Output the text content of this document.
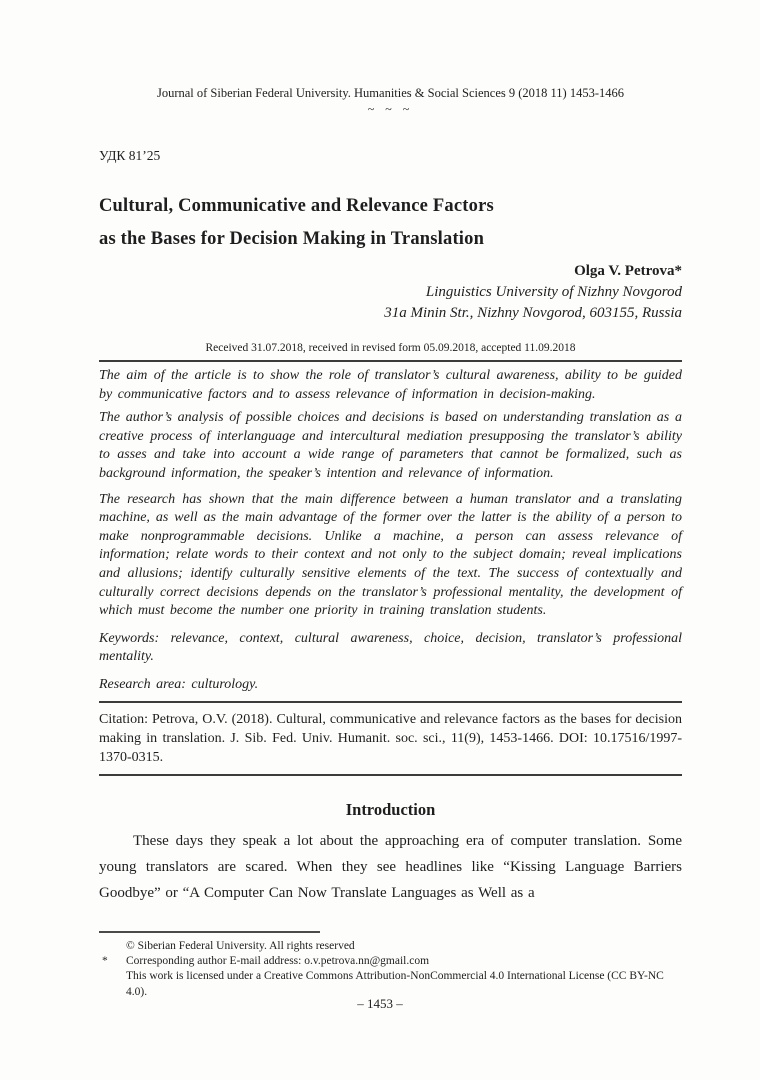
Journal of Siberian Federal University. Humanities & Social Sciences 9 (2018 11) 1453-1466
~ ~ ~
УДК 81’25
Cultural, Communicative and Relevance Factors
as the Bases for Decision Making in Translation
Olga V. Petrova*
Linguistics University of Nizhny Novgorod
31a Minin Str., Nizhny Novgorod, 603155, Russia
Received 31.07.2018, received in revised form 05.09.2018, accepted 11.09.2018

The aim of the article is to show the role of translator’s cultural awareness, ability to be guided by communicative factors and to assess relevance of information in decision-making.

The author’s analysis of possible choices and decisions is based on understanding translation as a creative process of interlanguage and intercultural mediation presupposing the translator’s ability to asses and take into account a wide range of parameters that cannot be formalized, such as background information, the speaker’s intention and relevance of information.

The research has shown that the main difference between a human translator and a translating machine, as well as the main advantage of the former over the latter is the ability of a person to make nonprogrammable decisions. Unlike a machine, a person can assess relevance of information; relate words to their context and not only to the subject domain; reveal implications and allusions; identify culturally sensitive elements of the text. The success of contextually and culturally correct decisions depends on the translator’s professional mentality, the development of which must become the number one priority in training translation students.

Keywords: relevance, context, cultural awareness, choice, decision, translator’s professional mentality.

Research area: culturology.

Citation: Petrova, O.V. (2018). Cultural, communicative and relevance factors as the bases for decision making in translation. J. Sib. Fed. Univ. Humanit. soc. sci., 11(9), 1453-1466. DOI: 10.17516/1997-1370-0315.

Introduction

These days they speak a lot about the approaching era of computer translation. Some young translators are scared. When they see headlines like “Kissing Language Barriers Goodbye” or “A Computer Can Now Translate Languages as Well as a

© Siberian Federal University. All rights reserved
* Corresponding author E-mail address: o.v.petrova.nn@gmail.com
This work is licensed under a Creative Commons Attribution-NonCommercial 4.0 International License (CC BY-NC 4.0).
– 1453 –
